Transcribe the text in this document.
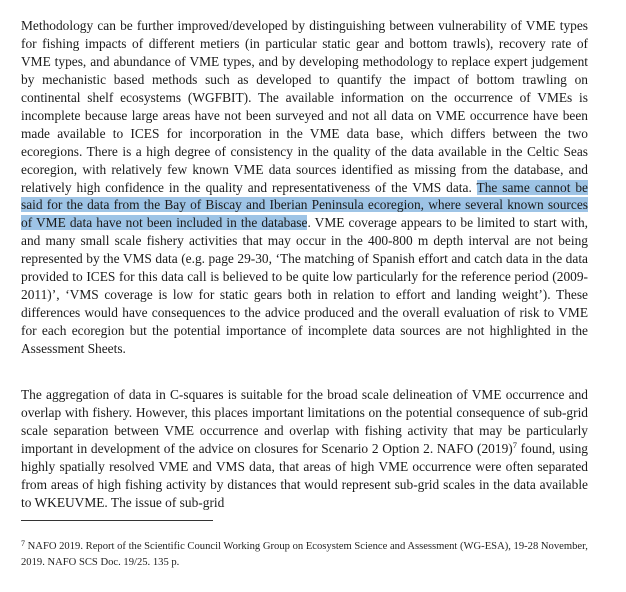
Methodology can be further improved/developed by distinguishing between vulnerability of VME types for fishing impacts of different metiers (in particular static gear and bottom trawls), recovery rate of VME types, and abundance of VME types, and by developing methodology to replace expert judgement by mechanistic based methods such as developed to quantify the impact of bottom trawling on continental shelf ecosystems (WGFBIT). The available information on the occurrence of VMEs is incomplete because large areas have not been surveyed and not all data on VME occurrence have been made available to ICES for incorporation in the VME data base, which differs between the two ecoregions. There is a high degree of consistency in the quality of the data available in the Celtic Seas ecoregion, with relatively few known VME data sources identified as missing from the database, and relatively high confidence in the quality and representativeness of the VMS data. The same cannot be said for the data from the Bay of Biscay and Iberian Peninsula ecoregion, where several known sources of VME data have not been included in the database. VME coverage appears to be limited to start with, and many small scale fishery activities that may occur in the 400-800 m depth interval are not being represented by the VMS data (e.g. page 29-30, ‘The matching of Spanish effort and catch data in the data provided to ICES for this data call is believed to be quite low particularly for the reference period (2009-2011)’, ‘VMS coverage is low for static gears both in relation to effort and landing weight’). These differences would have consequences to the advice produced and the overall evaluation of risk to VME for each ecoregion but the potential importance of incomplete data sources are not highlighted in the Assessment Sheets.

The aggregation of data in C-squares is suitable for the broad scale delineation of VME occurrence and overlap with fishery. However, this places important limitations on the potential consequence of sub-grid scale separation between VME occurrence and overlap with fishing activity that may be particularly important in development of the advice on closures for Scenario 2 Option 2. NAFO (2019)$^7$ found, using highly spatially resolved VME and VMS data, that areas of high VME occurrence were often separated from areas of high fishing activity by distances that would represent sub-grid scales in the data available to WKEUVME. The issue of sub-grid

$^7$ NAFO 2019. Report of the Scientific Council Working Group on Ecosystem Science and Assessment (WG-ESA), 19-28 November, 2019. NAFO SCS Doc. 19/25. 135 p.
